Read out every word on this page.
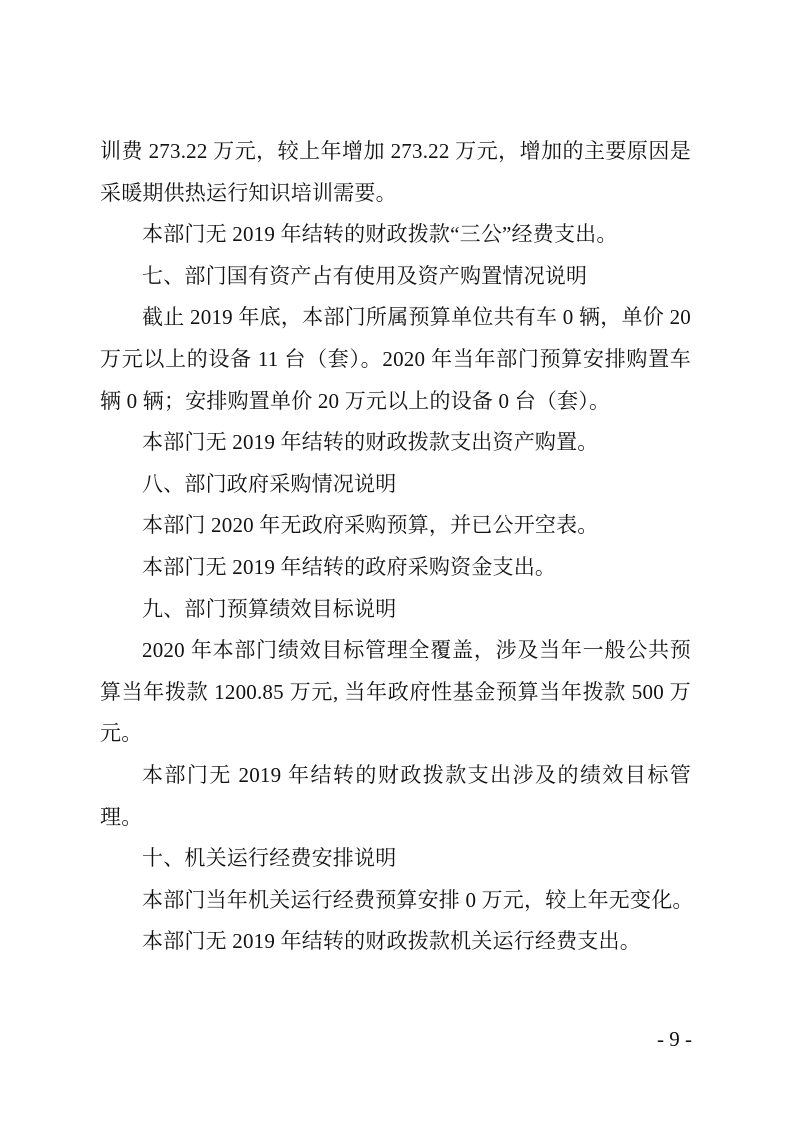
训费 273.22 万元，较上年增加 273.22 万元，增加的主要原因是
采暖期供热运行知识培训需要。
本部门无 2019 年结转的财政拨款“三公”经费支出。
七、部门国有资产占有使用及资产购置情况说明
截止 2019 年底，本部门所属预算单位共有车 0 辆，单价 20
万元以上的设备 11 台（套）。2020 年当年部门预算安排购置车
辆 0 辆；安排购置单价 20 万元以上的设备 0 台（套）。
本部门无 2019 年结转的财政拨款支出资产购置。
八、部门政府采购情况说明
本部门 2020 年无政府采购预算，并已公开空表。
本部门无 2019 年结转的政府采购资金支出。
九、部门预算绩效目标说明
2020 年本部门绩效目标管理全覆盖，涉及当年一般公共预
算当年拨款 1200.85 万元, 当年政府性基金预算当年拨款 500 万
元。
本部门无 2019 年结转的财政拨款支出涉及的绩效目标管
理。
十、机关运行经费安排说明
本部门当年机关运行经费预算安排 0 万元，较上年无变化。
本部门无 2019 年结转的财政拨款机关运行经费支出。
- 9 -
